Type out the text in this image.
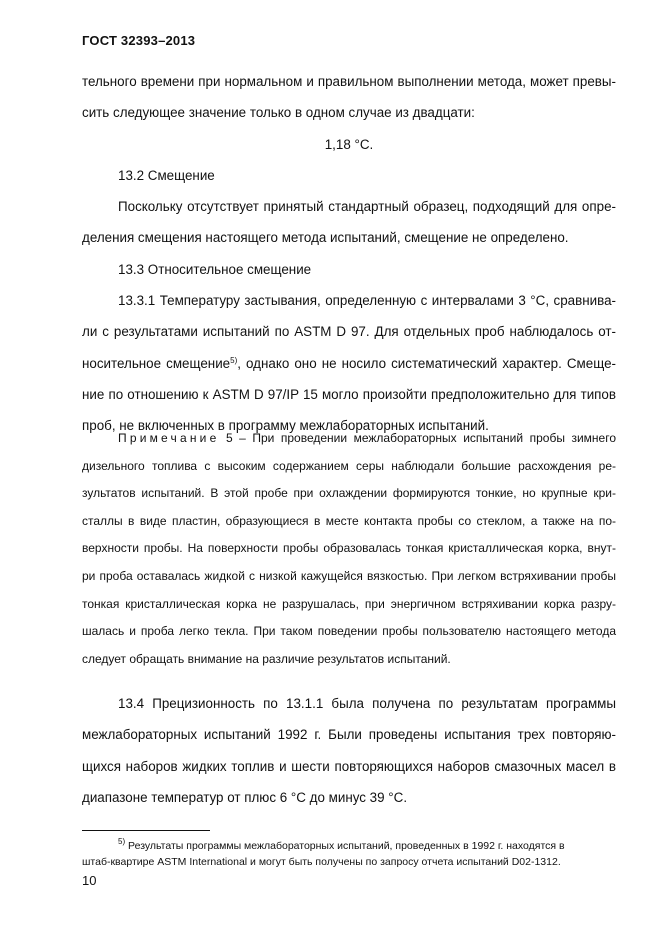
ГОСТ 32393–2013
тельного времени при нормальном и правильном выполнении метода, может превы-
сить следующее значение только в одном случае из двадцати:
1,18 °С.
13.2 Смещение
Поскольку отсутствует принятый стандартный образец, подходящий для опре-
деления смещения настоящего метода испытаний, смещение не определено.
13.3 Относительное смещение
13.3.1 Температуру застывания, определенную с интервалами 3 °С, сравнива-
ли с результатами испытаний по ASTM D 97. Для отдельных проб наблюдалось от-
носительное смещение$^{5)}$, однако оно не носило систематический характер. Смеще-
ние по отношению к ASTM D 97/IP 15 могло произойти предположительно для типов
проб, не включенных в программу межлабораторных испытаний.
Примечание 5 – При проведении межлабораторных испытаний пробы зимнего
дизельного топлива с высоким содержанием серы наблюдали большие расхождения ре-
зультатов испытаний. В этой пробе при охлаждении формируются тонкие, но крупные кри-
сталлы в виде пластин, образующиеся в месте контакта пробы со стеклом, а также на по-
верхности пробы. На поверхности пробы образовалась тонкая кристаллическая корка, внут-
ри проба оставалась жидкой с низкой кажущейся вязкостью. При легком встряхивании пробы
тонкая кристаллическая корка не разрушалась, при энергичном встряхивании корка разру-
шалась и проба легко текла. При таком поведении пробы пользователю настоящего метода
следует обращать внимание на различие результатов испытаний.
13.4 Прецизионность по 13.1.1 была получена по результатам программы
межлабораторных испытаний 1992 г. Были проведены испытания трех повторяю-
щихся наборов жидких топлив и шести повторяющихся наборов смазочных масел в
диапазоне температур от плюс 6 °С до минус 39 °С.
$^{5)}$ Результаты программы межлабораторных испытаний, проведенных в 1992 г. находятся в
штаб-квартире ASTM International и могут быть получены по запросу отчета испытаний D02-1312.
10
